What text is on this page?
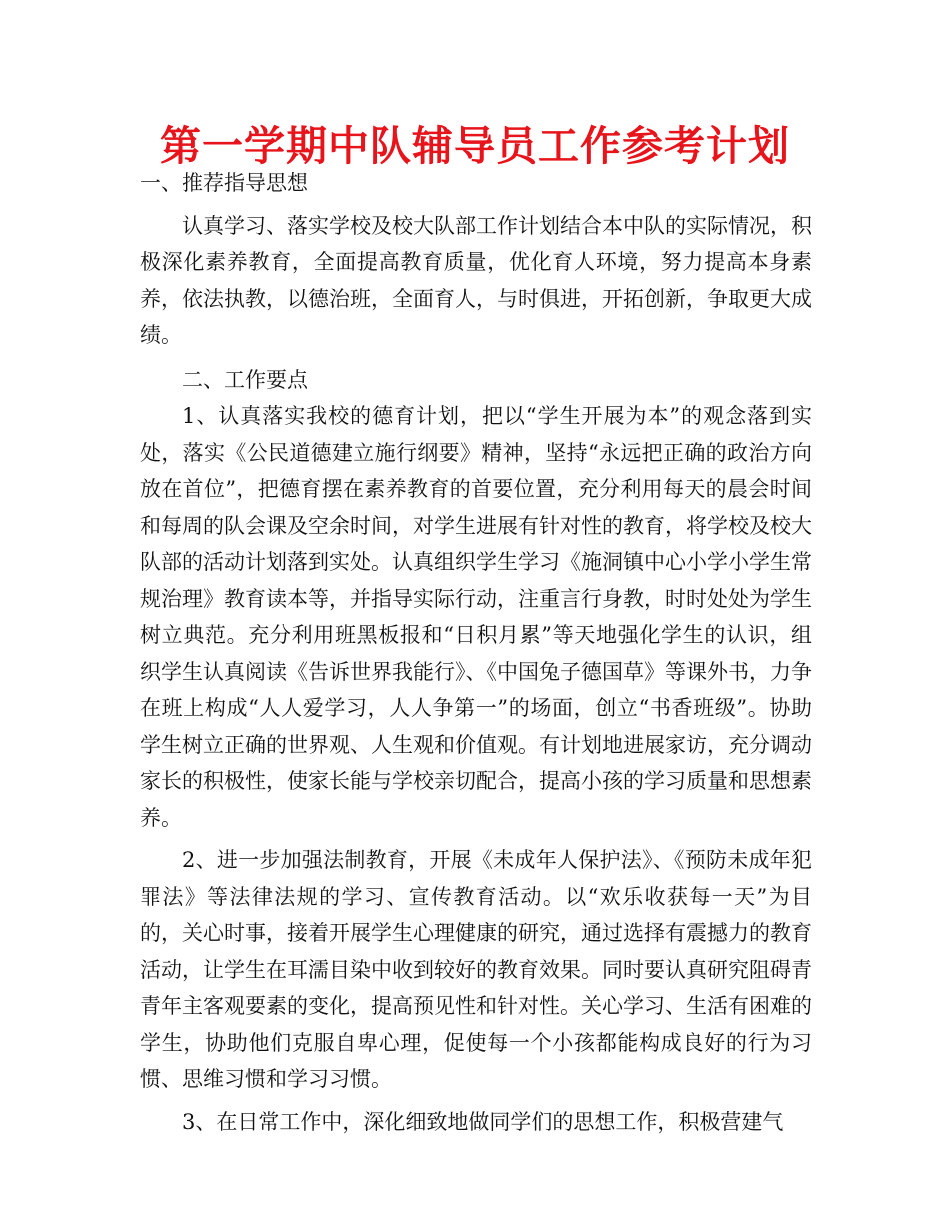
第一学期中队辅导员工作参考计划

一、推荐指导思想

认真学习、落实学校及校大队部工作计划结合本中队的实际情况，积极深化素养教育，全面提高教育质量，优化育人环境，努力提高本身素养，依法执教，以德治班，全面育人，与时俱进，开拓创新，争取更大成绩。

二、工作要点

1、认真落实我校的德育计划，把以“学生开展为本”的观念落到实处，落实《公民道德建立施行纲要》精神，坚持“永远把正确的政治方向放在首位”，把德育摆在素养教育的首要位置，充分利用每天的晨会时间和每周的队会课及空余时间，对学生进展有针对性的教育，将学校及校大队部的活动计划落到实处。认真组织学生学习《施洞镇中心小学小学生常规治理》教育读本等，并指导实际行动，注重言行身教，时时处处为学生树立典范。充分利用班黑板报和“日积月累”等天地强化学生的认识，组织学生认真阅读《告诉世界我能行》、《中国兔子德国草》等课外书，力争在班上构成“人人爱学习，人人争第一”的场面，创立“书香班级”。协助学生树立正确的世界观、人生观和价值观。有计划地进展家访，充分调动家长的积极性，使家长能与学校亲切配合，提高小孩的学习质量和思想素养。

2、进一步加强法制教育，开展《未成年人保护法》、《预防未成年犯罪法》等法律法规的学习、宣传教育活动。以“欢乐收获每一天”为目的，关心时事，接着开展学生心理健康的研究，通过选择有震撼力的教育活动，让学生在耳濡目染中收到较好的教育效果。同时要认真研究阻碍青青年主客观要素的变化，提高预见性和针对性。关心学习、生活有困难的学生，协助他们克服自卑心理，促使每一个小孩都能构成良好的行为习惯、思维习惯和学习习惯。

3、在日常工作中，深化细致地做同学们的思想工作，积极营建气
